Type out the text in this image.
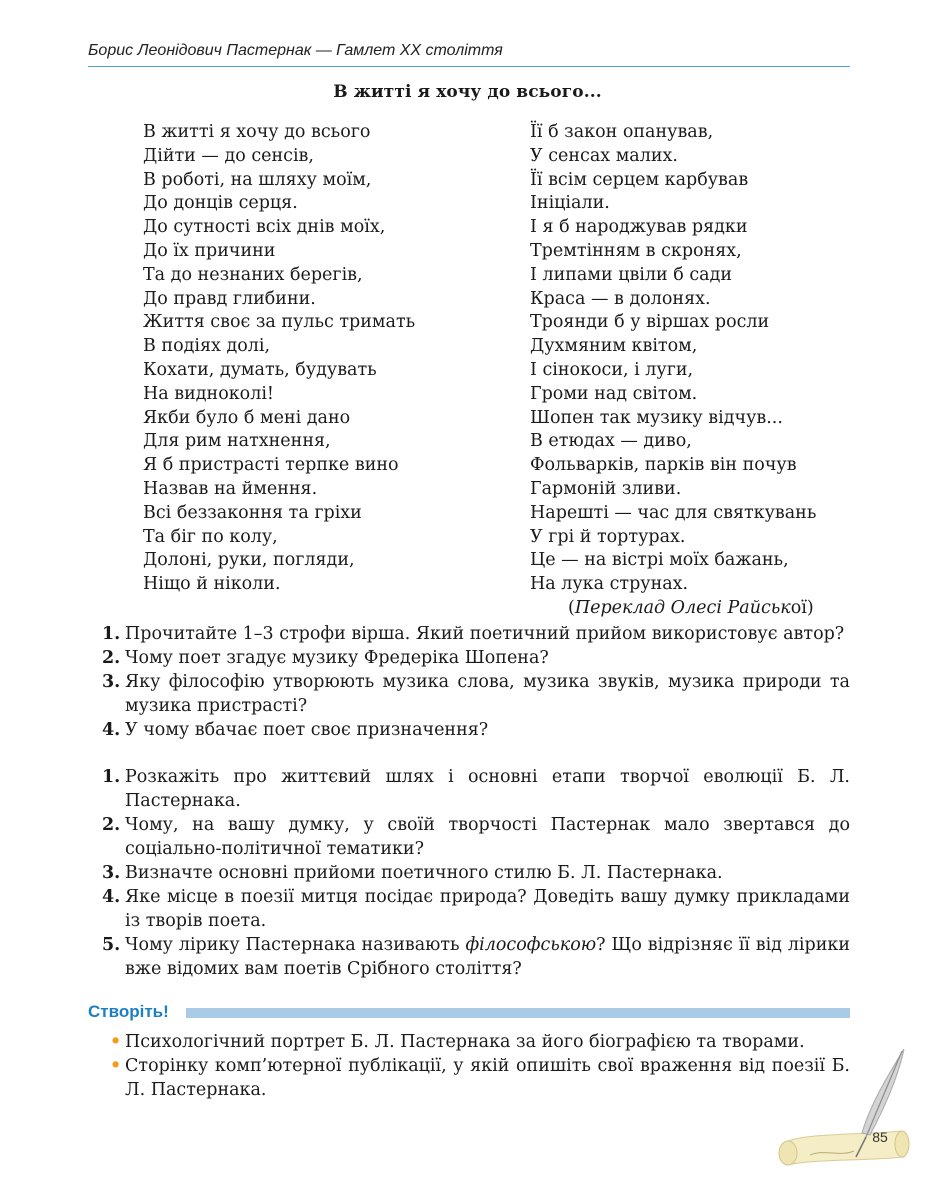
Борис Леонідович Пастернак — Гамлет ХХ століття
В житті я хочу до всього...
В житті я хочу до всього
Дійти — до сенсів,
В роботі, на шляху моїм,
До донців серця.
До сутності всіх днів моїх,
До їх причини
Та до незнаних берегів,
До правд глибини.
Життя своє за пульс тримать
В подіях долі,
Кохати, думать, будувать
На видноколі!
Якби було б мені дано
Для рим натхнення,
Я б пристрасті терпке вино
Назвав на ймення.
Всі беззаконня та гріхи
Та біг по колу,
Долоні, руки, погляди,
Ніщо й ніколи.
Її б закон опанував,
У сенсах малих.
Її всім серцем карбував
Ініціали.
І я б народжував рядки
Тремтінням в скронях,
І липами цвіли б сади
Краса — в долонях.
Троянди б у віршах росли
Духмяним квітом,
І сінокоси, і луги,
Громи над світом.
Шопен так музику відчув...
В етюдах — диво,
Фольварків, парків він почув
Гармоній зливи.
Нарешті — час для святкувань
У грі й тортурах.
Це — на вістрі моїх бажань,
На лука струнах.
(Переклад Олесі Райської)
1. Прочитайте 1–3 строфи вірша. Який поетичний прийом використовує автор?
2. Чому поет згадує музику Фредеріка Шопена?
3. Яку філософію утворюють музика слова, музика звуків, музика природи та музика пристрасті?
4. У чому вбачає поет своє призначення?
1. Розкажіть про життєвий шлях і основні етапи творчої еволюції Б. Л. Пастернака.
2. Чому, на вашу думку, у своїй творчості Пастернак мало звертався до соціально-політичної тематики?
3. Визначте основні прийоми поетичного стилю Б. Л. Пастернака.
4. Яке місце в поезії митця посідає природа? Доведіть вашу думку прикладами із творів поета.
5. Чому лірику Пастернака називають філософською? Що відрізняє її від лірики вже відомих вам поетів Срібного століття?
Створіть!
• Психологічний портрет Б. Л. Пастернака за його біографією та творами.
• Сторінку комп’ютерної публікації, у якій опишіть свої враження від поезії Б. Л. Пастернака.
85
